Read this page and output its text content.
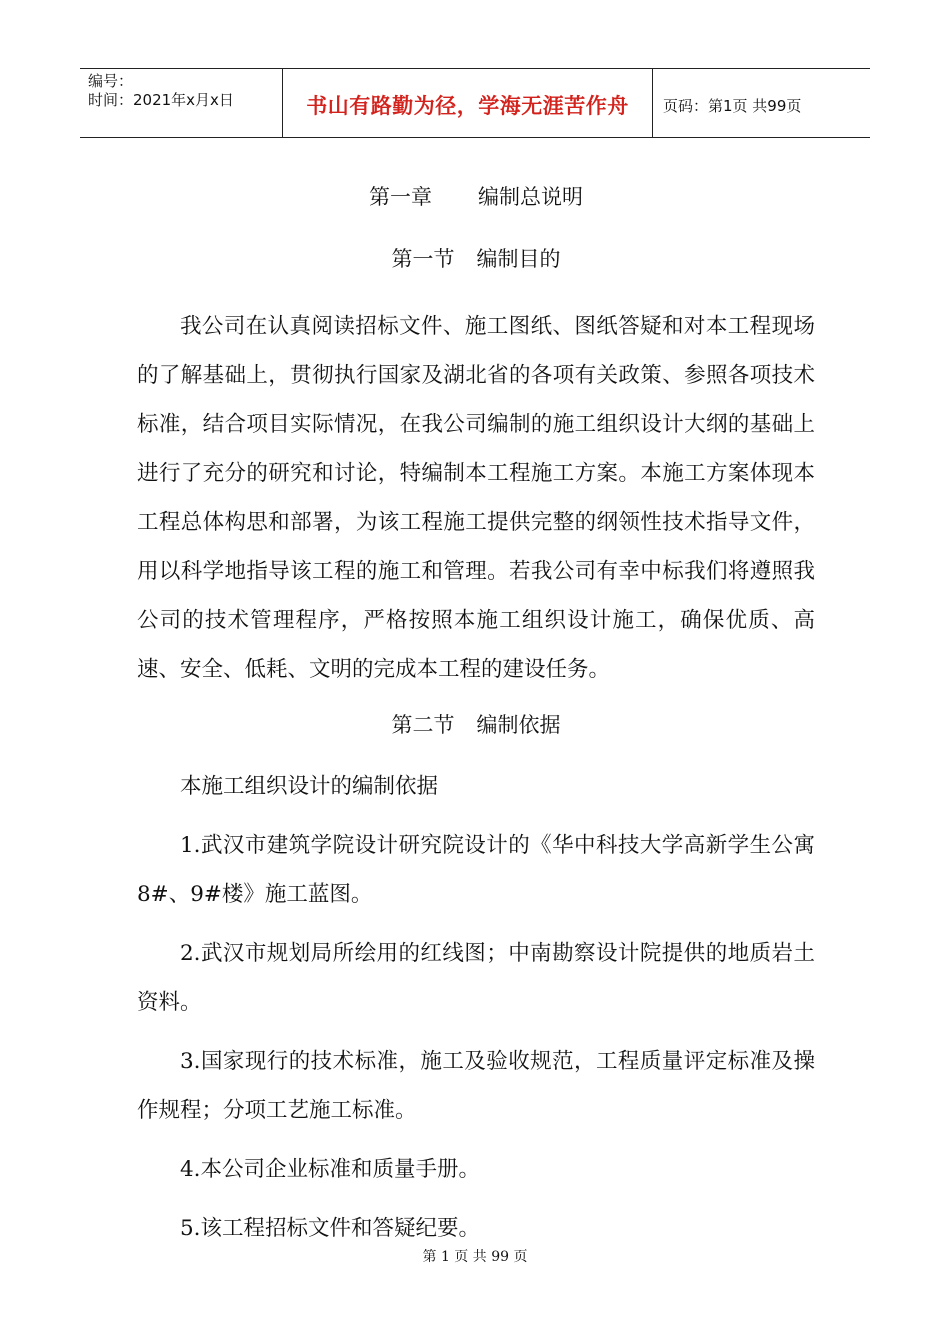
编号：
时间：2021年x月x日	书山有路勤为径，学海无涯苦作舟	页码：第1页 共99页

第一章 编制总说明

第一节 编制目的

我公司在认真阅读招标文件、施工图纸、图纸答疑和对本工程现场的了解基础上，贯彻执行国家及湖北省的各项有关政策、参照各项技术标准，结合项目实际情况，在我公司编制的施工组织设计大纲的基础上进行了充分的研究和讨论，特编制本工程施工方案。本施工方案体现本工程总体构思和部署，为该工程施工提供完整的纲领性技术指导文件，用以科学地指导该工程的施工和管理。若我公司有幸中标我们将遵照我公司的技术管理程序，严格按照本施工组织设计施工，确保优质、高速、安全、低耗、文明的完成本工程的建设任务。

第二节 编制依据

本施工组织设计的编制依据

1.武汉市建筑学院设计研究院设计的《华中科技大学高新学生公寓8#、9#楼》施工蓝图。

2.武汉市规划局所绘用的红线图；中南勘察设计院提供的地质岩土资料。

3.国家现行的技术标准，施工及验收规范，工程质量评定标准及操作规程；分项工艺施工标准。

4.本公司企业标准和质量手册。

5.该工程招标文件和答疑纪要。

第 1 页 共 99 页
